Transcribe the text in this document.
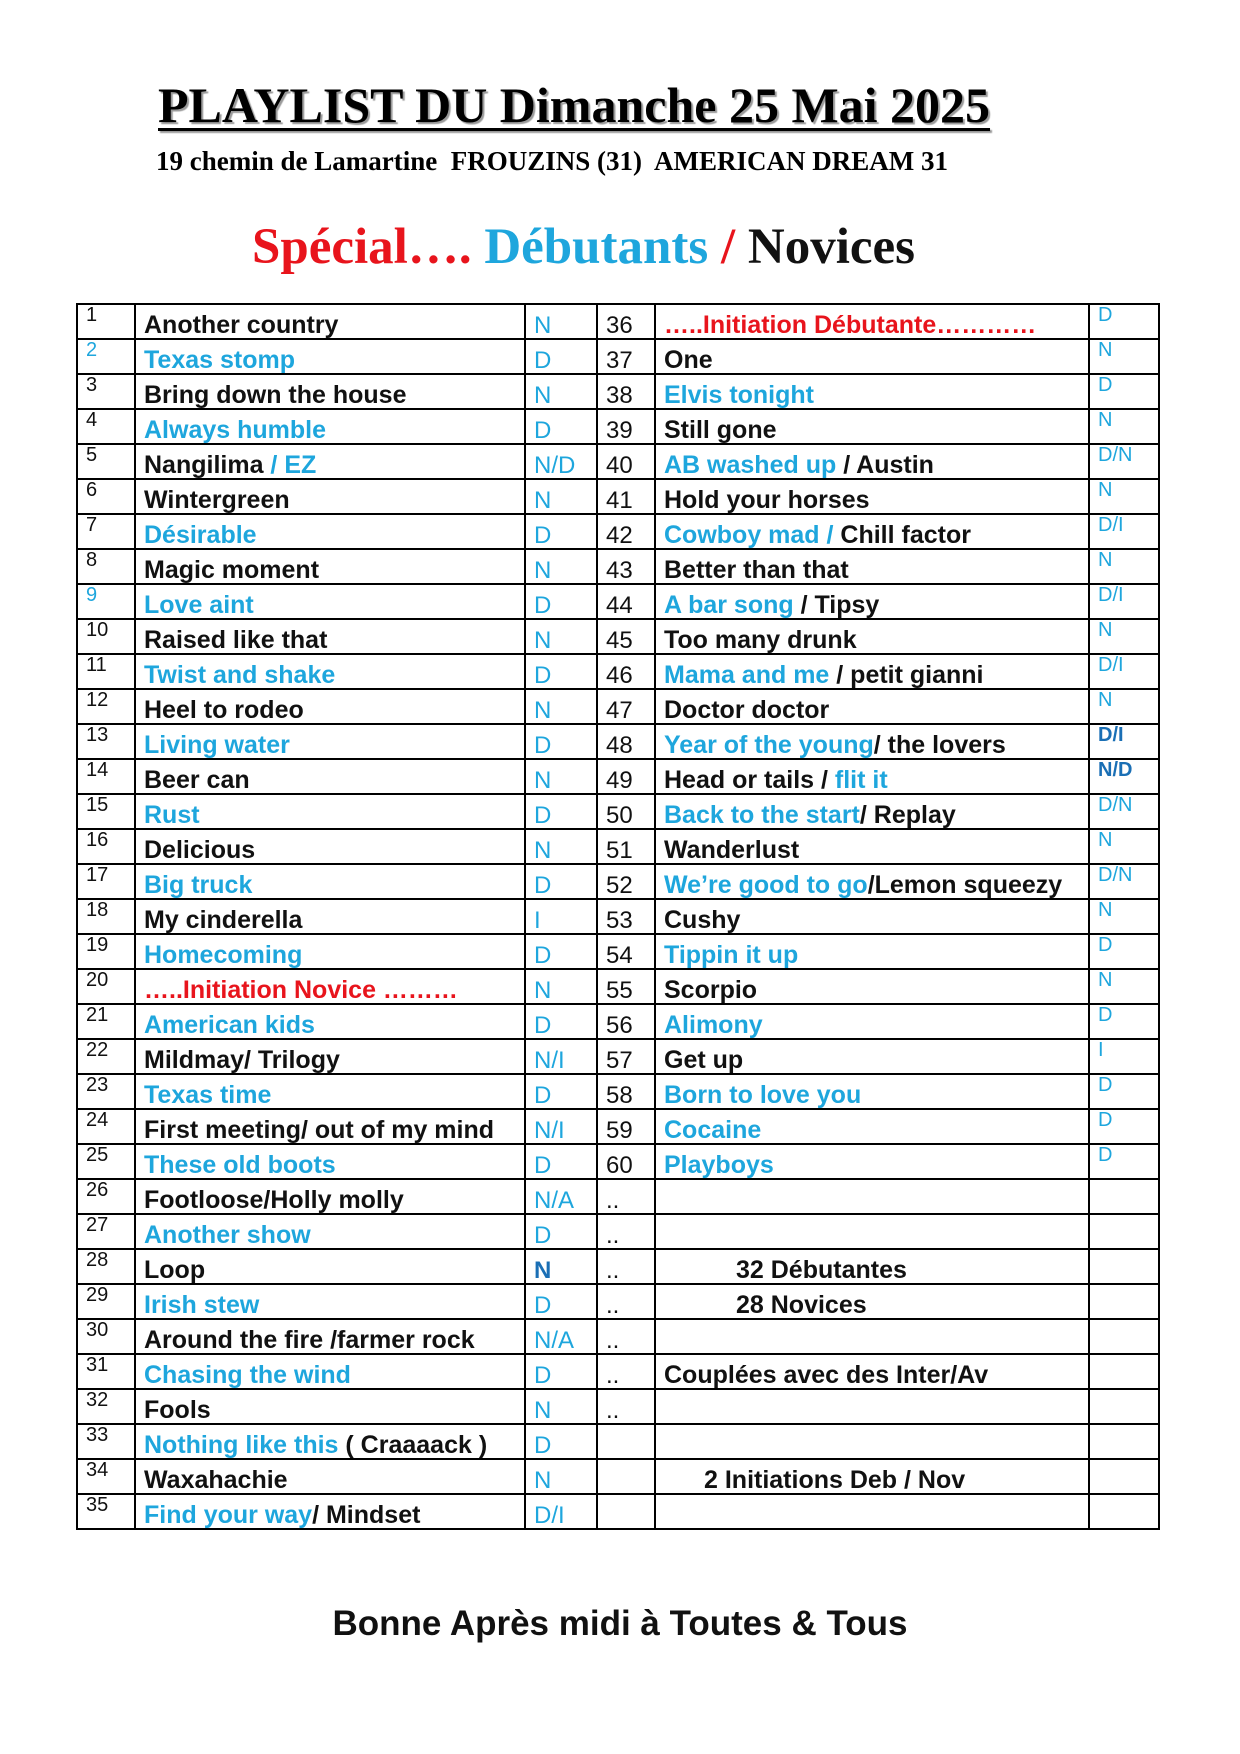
PLAYLIST DU Dimanche 25 Mai 2025
19 chemin de Lamartine  FROUZINS (31)  AMERICAN DREAM 31
Spécial…. Débutants / Novices
1	Another country	N	36	…..Initiation Débutante…………	D
2	Texas stomp	D	37	One	N
3	Bring down the house	N	38	Elvis tonight	D
4	Always humble	D	39	Still gone	N
5	Nangilima / EZ	N/D	40	AB washed up / Austin	D/N
6	Wintergreen	N	41	Hold your horses	N
7	Désirable	D	42	Cowboy mad / Chill factor	D/I
8	Magic moment	N	43	Better than that	N
9	Love aint	D	44	A bar song / Tipsy	D/I
10	Raised like that	N	45	Too many drunk	N
11	Twist and shake	D	46	Mama and me / petit gianni	D/I
12	Heel to rodeo	N	47	Doctor doctor	N
13	Living water	D	48	Year of the young/ the lovers	D/I
14	Beer can	N	49	Head or tails / flit it	N/D
15	Rust	D	50	Back to the start/ Replay	D/N
16	Delicious	N	51	Wanderlust	N
17	Big truck	D	52	We’re good to go/Lemon squeezy	D/N
18	My cinderella	I	53	Cushy	N
19	Homecoming	D	54	Tippin it up	D
20	…..Initiation Novice ………	N	55	Scorpio	N
21	American kids	D	56	Alimony	D
22	Mildmay/ Trilogy	N/I	57	Get up	I
23	Texas time	D	58	Born to love you	D
24	First meeting/ out of my mind	N/I	59	Cocaine	D
25	These old boots	D	60	Playboys	D
26	Footloose/Holly molly	N/A	..		
27	Another show	D	..		
28	Loop	N	..	32 Débutantes	
29	Irish stew	D	..	28 Novices	
30	Around the fire /farmer rock	N/A	..		
31	Chasing the wind	D	..	Couplées avec des Inter/Av	
32	Fools	N	..		
33	Nothing like this ( Craaaack )	D			
34	Waxahachie	N		2 Initiations Deb / Nov	
35	Find your way/ Mindset	D/I			
Bonne Après midi à Toutes & Tous
